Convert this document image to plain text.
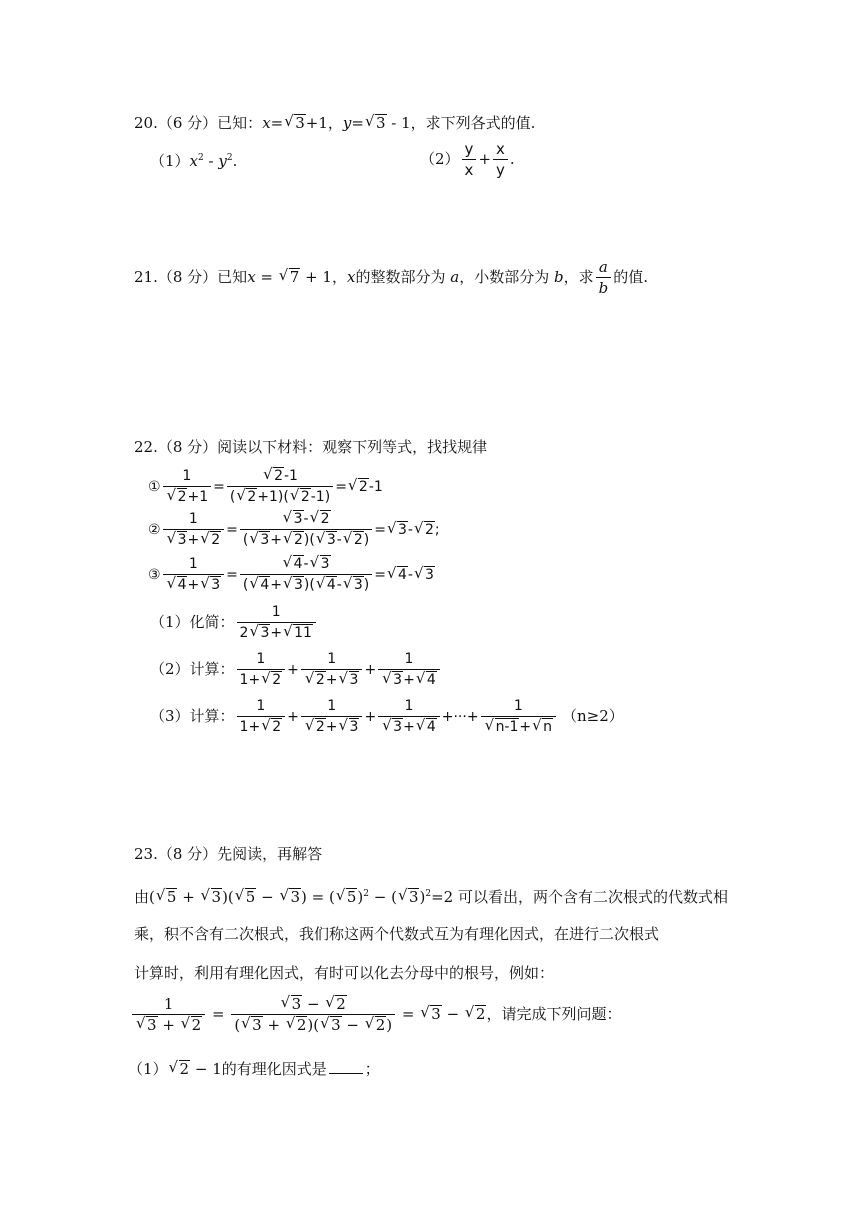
20.（6 分）已知：x= √ 3+1，y= √ 3 - 1，求下列各式的值.
$(1)x^2 - y^2$.	$(2) \frac{y}{x} + \frac{x}{y}$ .
21.（8 分）已知x = √ 7 + 1，x的整数部分为 a，小数部分为 b，求 $\frac{a}{b}$ 的值.
22.（8 分）阅读以下材料：观察下列等式，找找规律
① $\frac{1}{√ 2+1} = \frac{√ 2-1}{( √ 2+1)( √ 2-1)}$ = √ 2-1
② $\frac{1}{√ 3+ √ 2} = \frac{√ 3- √ 2}{( √ 3+ √ 2)( √ 3- √ 2)}$ = √ 3- √ 2;
③ $\frac{1}{√ 4+ √ 3} = \frac{√ 4- √ 3}{( √ 4+ √ 3)( √ 4- √ 3)}$ = √ 4- √ 3
（1）化简： $\frac{1}{2 √ 3+ √ 11}$
（2）计算： $\frac{1}{1+ √ 2} + \frac{1}{√ 2+ √ 3} + \frac{1}{√ 3+ √ 4}$
（3）计算： $\frac{1}{1+ √ 2} + \frac{1}{√ 2+ √ 3} + \frac{1}{√ 3+ √ 4}$ +···+ $\frac{1}{√ n-1+ √ n} (n\ge 2)$
23.（8 分）先阅读，再解答
由( √ 5 + √ 3)( √ 5 − √ 3) = ( √ 5)$^2$ − ( √ 3)$^2$=2 可以看出，两个含有二次根式的代数式相
乘，积不含有二次根式，我们称这两个代数式互为有理化因式，在进行二次根式
计算时，利用有理化因式，有时可以化去分母中的根号，例如：
$\frac{1}{√ 3 + √ 2} = \frac{√ 3 - √ 2}{( √ 3 + √ 2)( √ 3 - √ 2)}$ = √ 3 − √ 2，请完成下列问题：
（1） √ 2 − 1的有理化因式是	；
